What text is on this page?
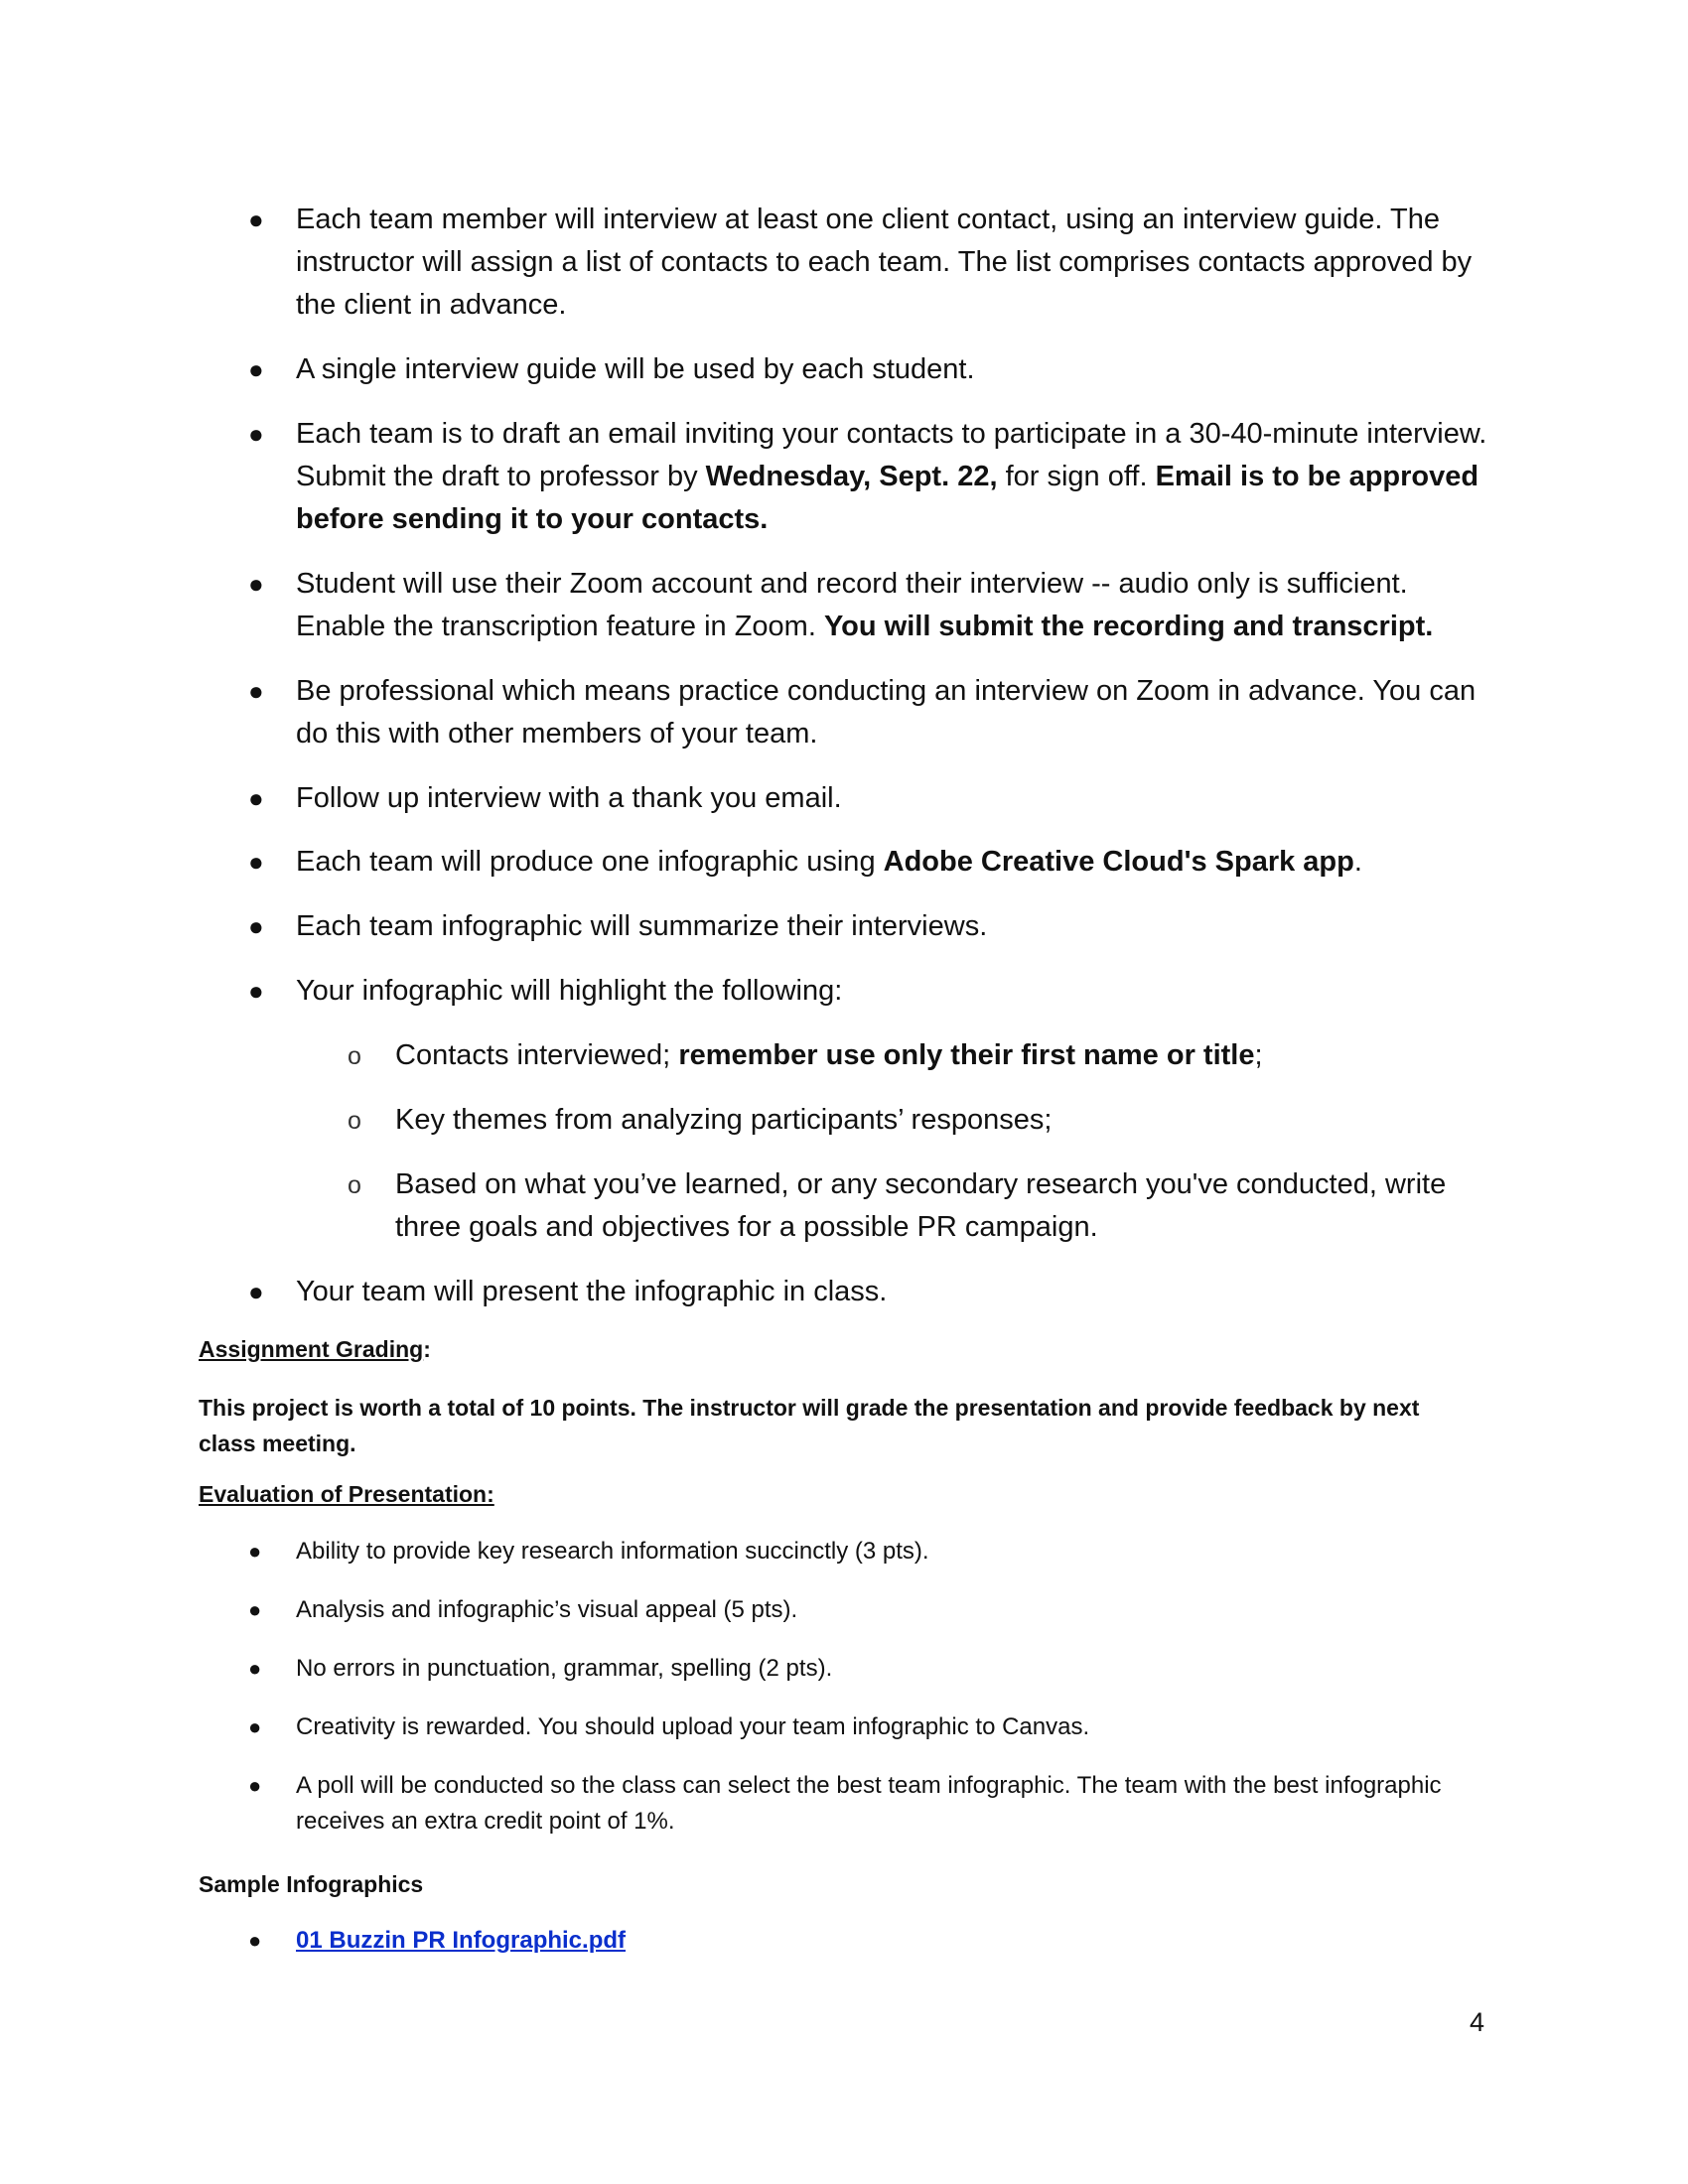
●	Each team member will interview at least one client contact, using an interview guide. The instructor will assign a list of contacts to each team. The list comprises contacts approved by the client in advance.
●	A single interview guide will be used by each student.
●	Each team is to draft an email inviting your contacts to participate in a 30-40-minute interview. Submit the draft to professor by Wednesday, Sept. 22, for sign off. Email is to be approved before sending it to your contacts.
●	Student will use their Zoom account and record their interview -- audio only is sufficient. Enable the transcription feature in Zoom. You will submit the recording and transcript.
●	Be professional which means practice conducting an interview on Zoom in advance. You can do this with other members of your team.
●	Follow up interview with a thank you email.
●	Each team will produce one infographic using Adobe Creative Cloud's Spark app.
●	Each team infographic will summarize their interviews.
●	Your infographic will highlight the following:
o Contacts interviewed; remember use only their first name or title;
o Key themes from analyzing participants’ responses;
o Based on what you’ve learned, or any secondary research you've conducted, write three goals and objectives for a possible PR campaign.
●	Your team will present the infographic in class.
Assignment Grading:
This project is worth a total of 10 points. The instructor will grade the presentation and provide feedback by next class meeting.
Evaluation of Presentation:
●	Ability to provide key research information succinctly (3 pts).
●	Analysis and infographic’s visual appeal (5 pts).
●	No errors in punctuation, grammar, spelling (2 pts).
●	Creativity is rewarded. You should upload your team infographic to Canvas.
●	A poll will be conducted so the class can select the best team infographic. The team with the best infographic receives an extra credit point of 1%.
Sample Infographics
●	01 Buzzin PR Infographic.pdf
4
